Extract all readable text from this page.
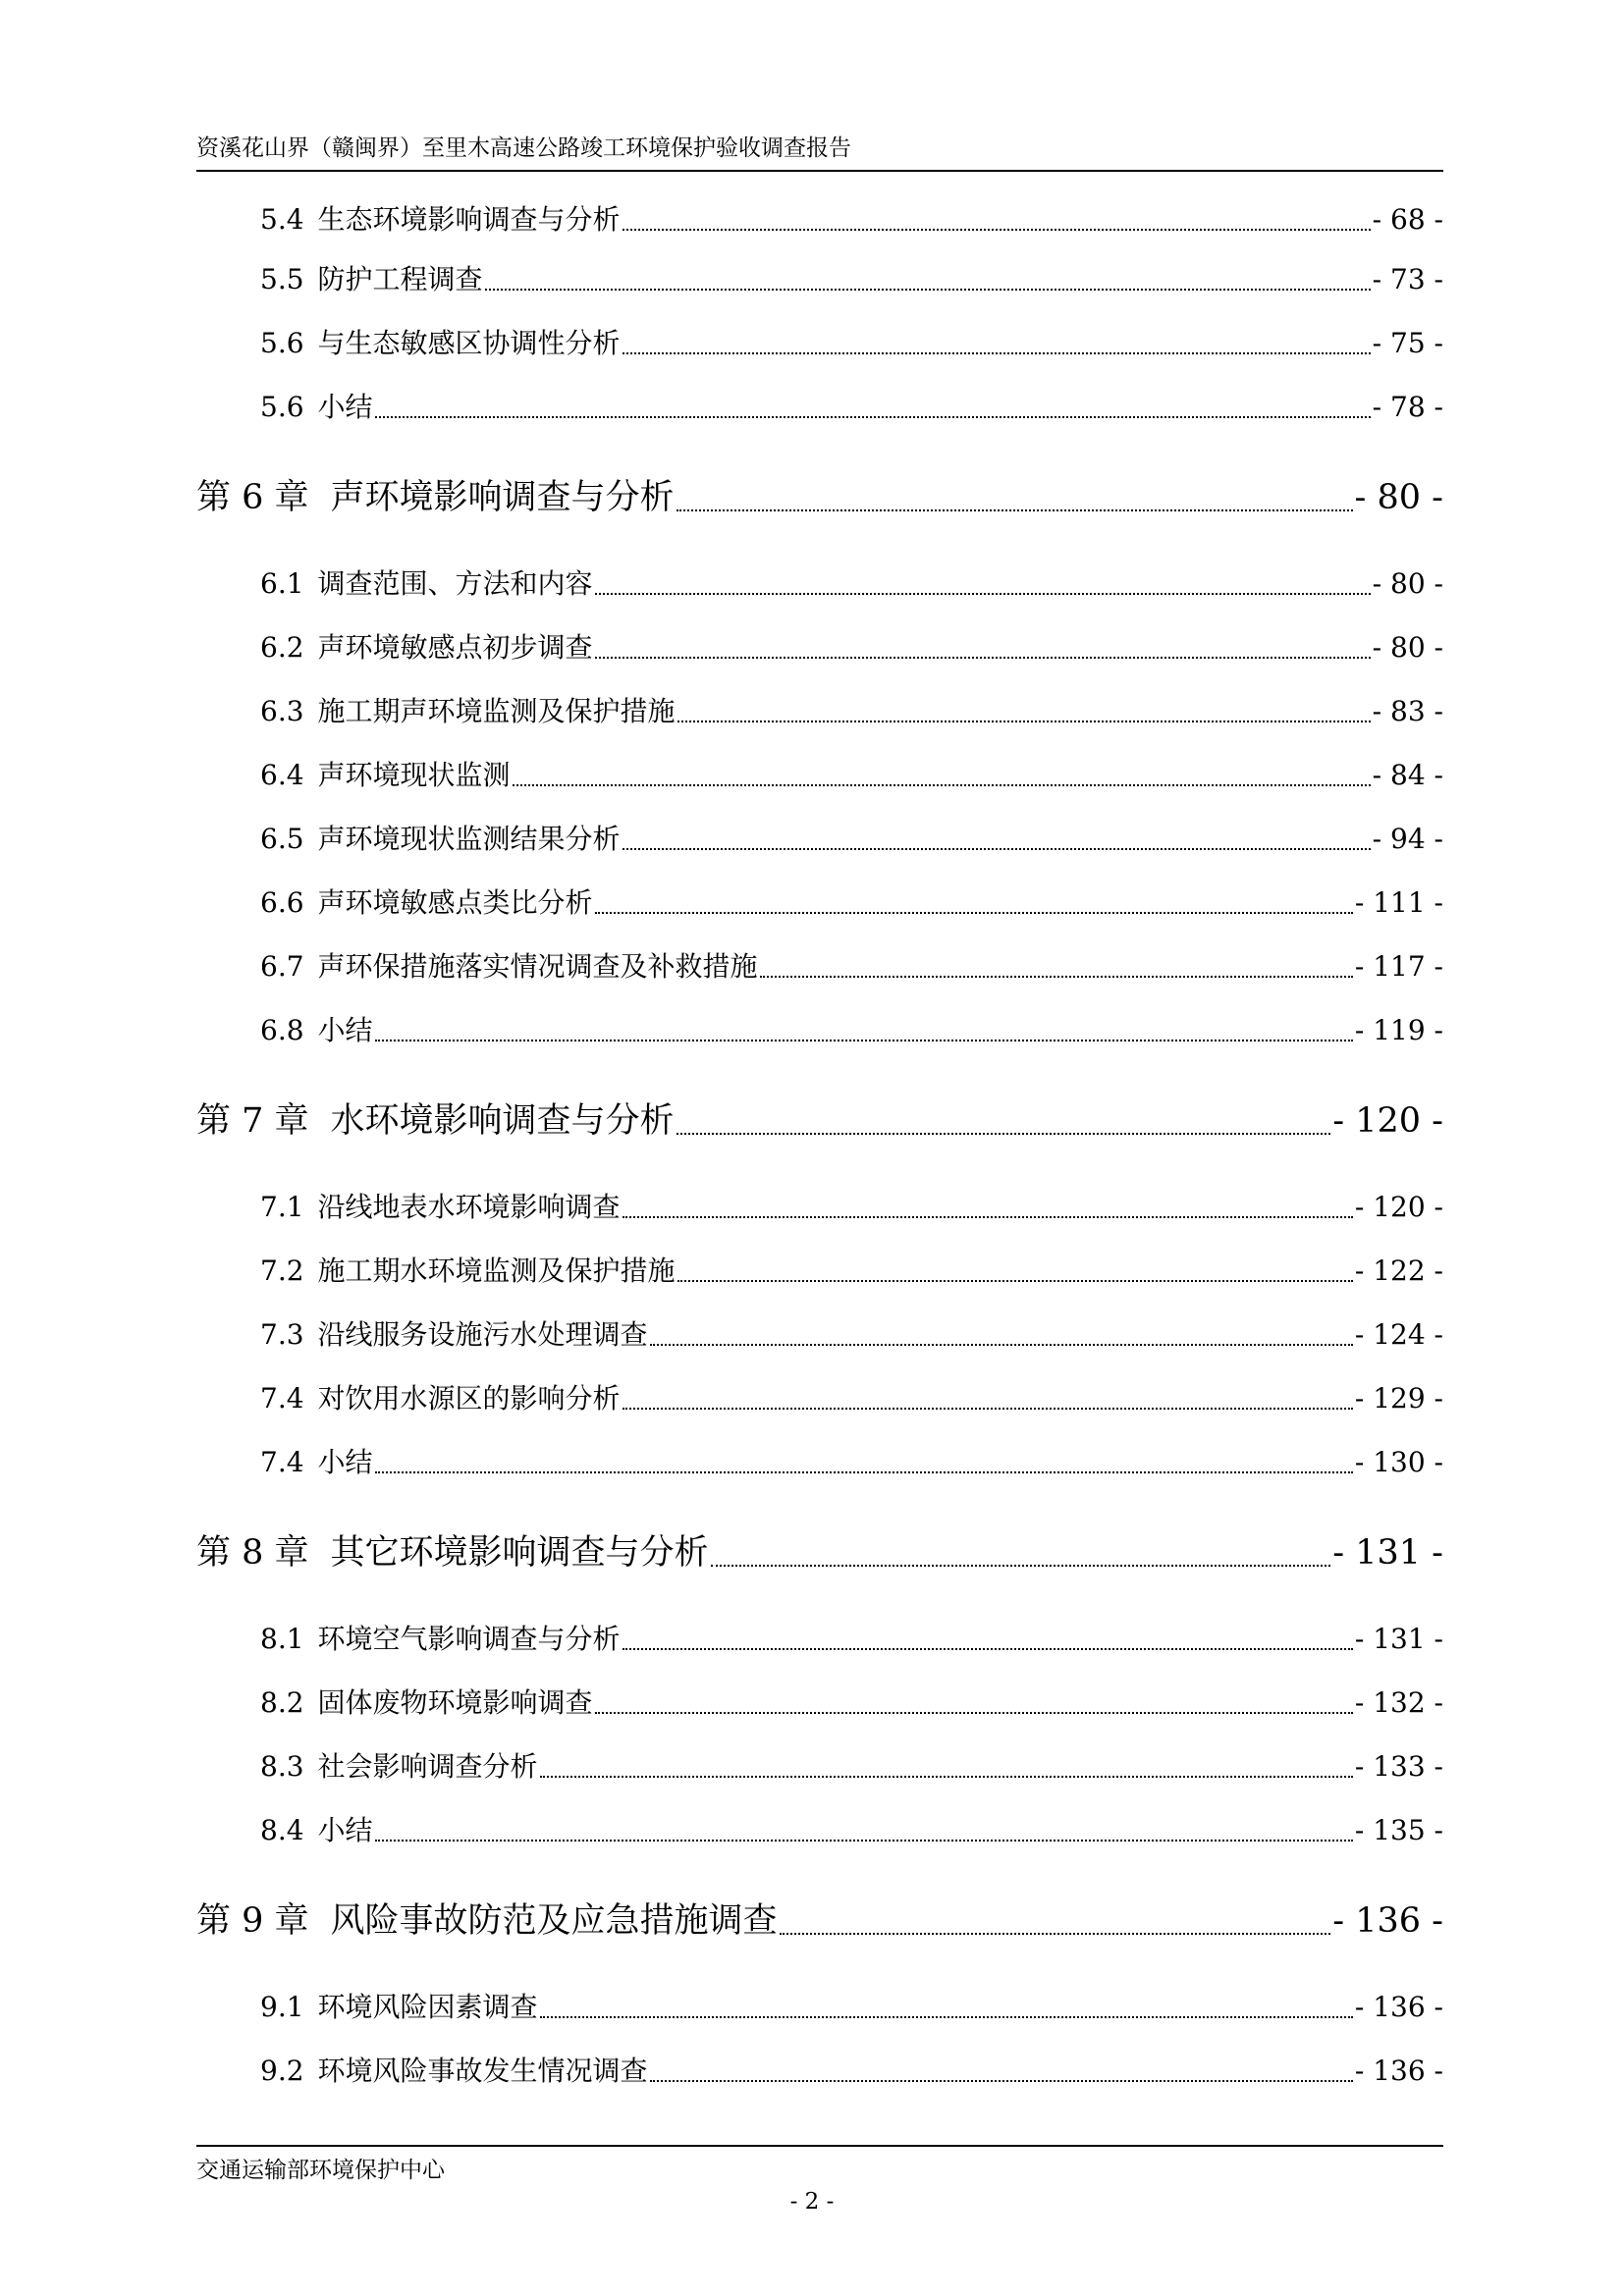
资溪花山界（赣闽界）至里木高速公路竣工环境保护验收调查报告
5.4 生态环境影响调查与分析	- 68 -
5.5 防护工程调查	- 73 -
5.6 与生态敏感区协调性分析	- 75 -
5.6 小结	- 78 -
第 6 章 声环境影响调查与分析	- 80 -
6.1 调查范围、方法和内容	- 80 -
6.2 声环境敏感点初步调查	- 80 -
6.3 施工期声环境监测及保护措施	- 83 -
6.4 声环境现状监测	- 84 -
6.5 声环境现状监测结果分析	- 94 -
6.6 声环境敏感点类比分析	- 111 -
6.7 声环保措施落实情况调查及补救措施	- 117 -
6.8 小结	- 119 -
第 7 章 水环境影响调查与分析	- 120 -
7.1 沿线地表水环境影响调查	- 120 -
7.2 施工期水环境监测及保护措施	- 122 -
7.3 沿线服务设施污水处理调查	- 124 -
7.4 对饮用水源区的影响分析	- 129 -
7.4 小结	- 130 -
第 8 章 其它环境影响调查与分析	- 131 -
8.1 环境空气影响调查与分析	- 131 -
8.2 固体废物环境影响调查	- 132 -
8.3 社会影响调查分析	- 133 -
8.4 小结	- 135 -
第 9 章 风险事故防范及应急措施调查	- 136 -
9.1 环境风险因素调查	- 136 -
9.2 环境风险事故发生情况调查	- 136 -
交通运输部环境保护中心
- 2 -
